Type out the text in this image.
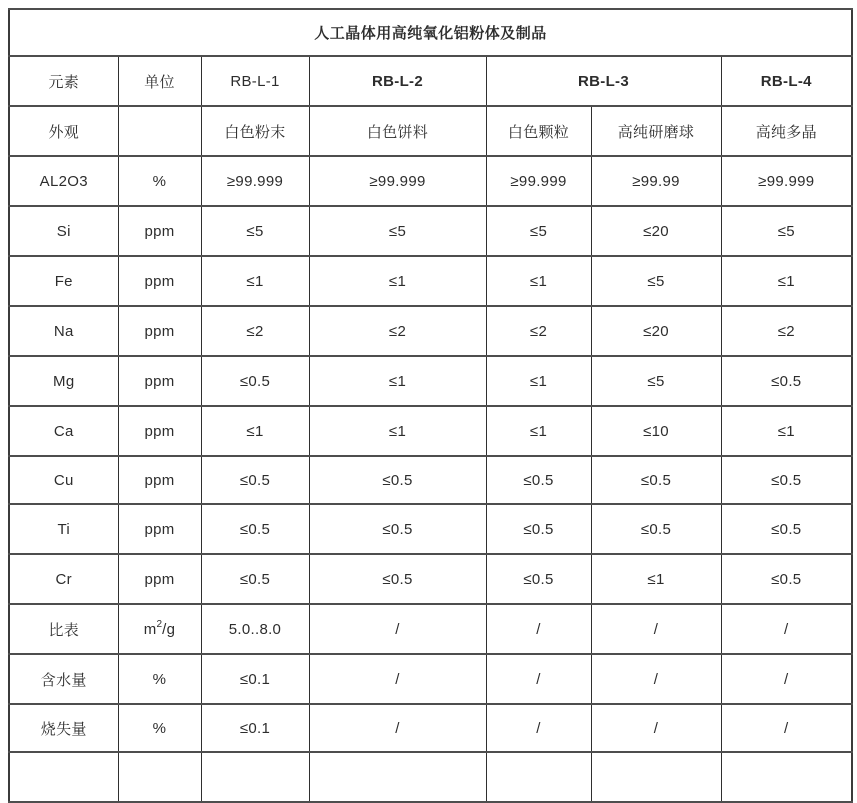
人工晶体用高纯氧化铝粉体及制品						
元素	单位	RB-L-1	RB-L-2	RB-L-3		RB-L-4
外观		白色粉末	白色饼料	白色颗粒	高纯研磨球	高纯多晶
AL2O3	%	≥99.999	≥99.999	≥99.999	≥99.99	≥99.999
Si	ppm	≤5	≤5	≤5	≤20	≤5
Fe	ppm	≤1	≤1	≤1	≤5	≤1
Na	ppm	≤2	≤2	≤2	≤20	≤2
Mg	ppm	≤0.5	≤1	≤1	≤5	≤0.5
Ca	ppm	≤1	≤1	≤1	≤10	≤1
Cu	ppm	≤0.5	≤0.5	≤0.5	≤0.5	≤0.5
Ti	ppm	≤0.5	≤0.5	≤0.5	≤0.5	≤0.5
Cr	ppm	≤0.5	≤0.5	≤0.5	≤1	≤0.5
比表	$m^2/g$	5.0..8.0	/	/	/	/
含水量	%	≤0.1	/	/	/	/
烧失量	%	≤0.1	/	/	/	/
